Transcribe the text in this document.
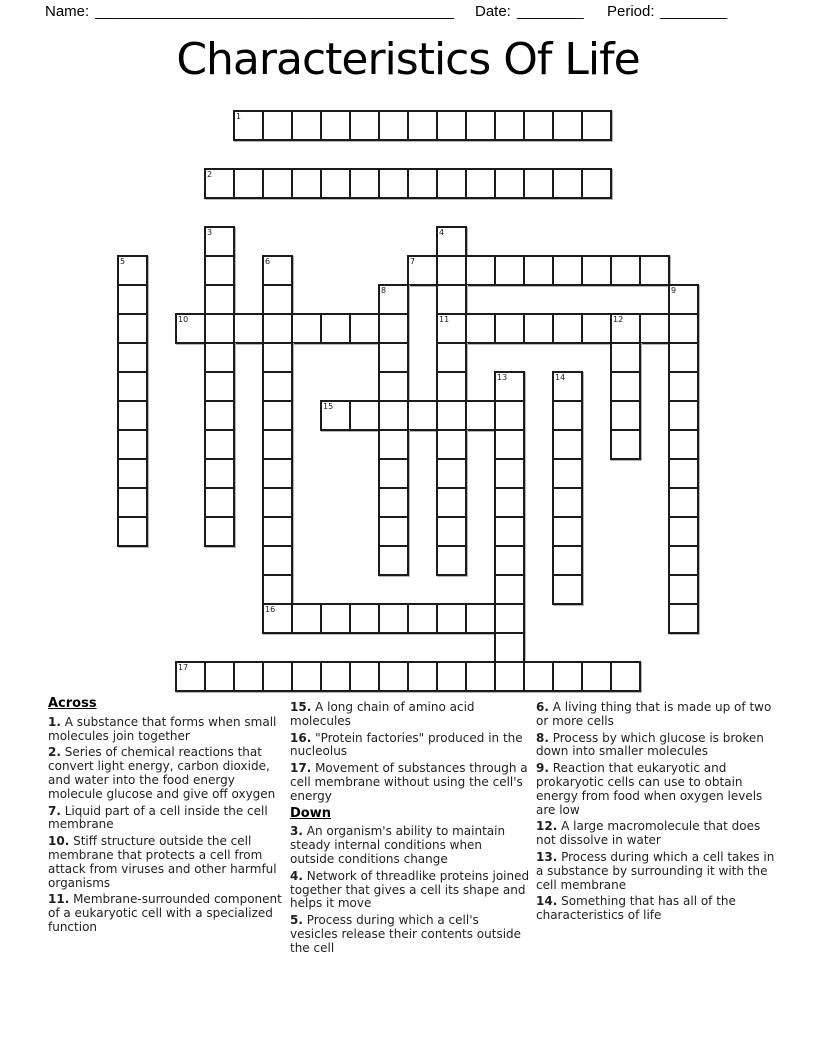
Name: ___________________________________________ Date: ________ Period: ________
Characteristics Of Life
1
2
3	4
5	6	7
8	9
10	11	12
13	14
15
16
17
Across

1. A substance that forms when small molecules join together

2. Series of chemical reactions that convert light energy, carbon dioxide, and water into the food energy molecule glucose and give off oxygen

7. Liquid part of a cell inside the cell membrane

10. Stiff structure outside the cell membrane that protects a cell from attack from viruses and other harmful organisms

11. Membrane-surrounded component of a eukaryotic cell with a specialized function

15. A long chain of amino acid molecules

16. "Protein factories" produced in the nucleolus

17. Movement of substances through a cell membrane without using the cell's energy

Down

3. An organism's ability to maintain steady internal conditions when outside conditions change

4. Network of threadlike proteins joined together that gives a cell its shape and helps it move

5. Process during which a cell's vesicles release their contents outside the cell

6. A living thing that is made up of two or more cells

8. Process by which glucose is broken down into smaller molecules

9. Reaction that eukaryotic and prokaryotic cells can use to obtain energy from food when oxygen levels are low

12. A large macromolecule that does not dissolve in water

13. Process during which a cell takes in a substance by surrounding it with the cell membrane

14. Something that has all of the characteristics of life
